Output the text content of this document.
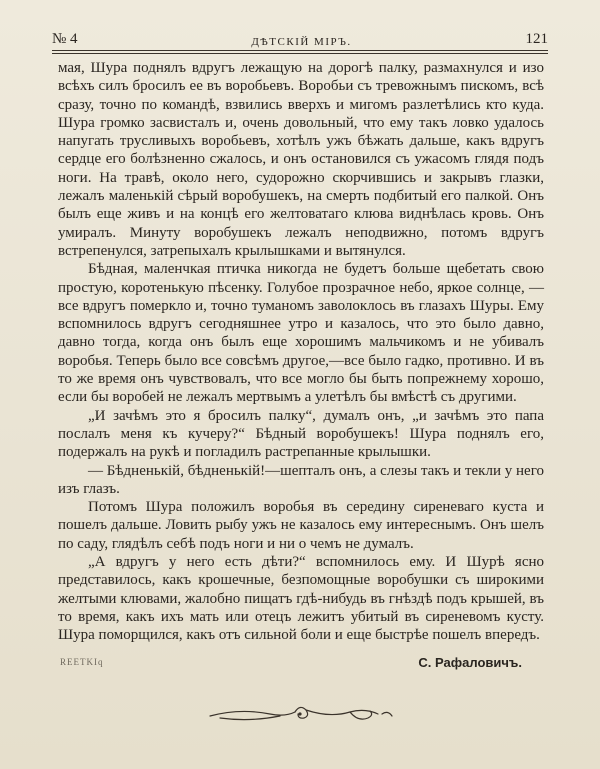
№ 4	ДѢТСКІЙ МІРЪ.	121

мая, Шура поднялъ вдругъ лежащую на дорогѣ палку, размахнулся и изо всѣхъ силъ бросилъ ее въ воробьевъ. Воробьи съ тревожнымъ пискомъ, всѣ сразу, точно по командѣ, взвились вверхъ и мигомъ разлетѣлись кто куда. Шура громко засвисталъ и, очень довольный, что ему такъ ловко удалось напугать трусливыхъ воробьевъ, хотѣлъ ужъ бѣжать дальше, какъ вдругъ сердце его болѣзненно сжалось, и онъ остановился съ ужасомъ глядя подъ ноги. На травѣ, около него, судорожно скорчившись и закрывъ глазки, лежалъ маленькій сѣрый воробушекъ, на смерть подбитый его палкой. Онъ былъ еще живъ и на концѣ его желтоватаго клюва виднѣлась кровь. Онъ умиралъ. Минуту воробушекъ лежалъ неподвижно, потомъ вдругъ встрепенулся, затрепыхалъ крылышками и вытянулся.

Бѣдная, маленчкая птичка никогда не будетъ больше щебетать свою простую, коротенькую пѣсенку. Голубое прозрачное небо, яркое солнце, — все вдругъ померкло и, точно туманомъ заволоклось въ глазахъ Шуры. Ему вспомнилось вдругъ сегодняшнее утро и казалось, что это было давно, давно тогда, когда онъ былъ еще хорошимъ мальчикомъ и не убивалъ воробья. Теперь было все совсѣмъ другое,—все было гадко, противно. И въ то же время онъ чувствовалъ, что все могло бы быть попрежнему хорошо, если бы воробей не лежалъ мертвымъ а улетѣлъ бы вмѣстѣ съ другими.

„И зачѣмъ это я бросилъ палку“, думалъ онъ, „и зачѣмъ это папа послалъ меня къ кучеру?“ Бѣдный воробушекъ! Шура поднялъ его, подержалъ на рукѣ и погладилъ растрепанные крылышки.

— Бѣдненькій, бѣдненькій!—шепталъ онъ, а слезы такъ и текли у него изъ глазъ.

Потомъ Шура положилъ воробья въ середину сиреневаго куста и пошелъ дальше. Ловить рыбу ужъ не казалось ему интереснымъ. Онъ шелъ по саду, глядѣлъ себѣ подъ ноги и ни о чемъ не думалъ.

„А вдругъ у него есть дѣти?“ вспомнилось ему. И Шурѣ ясно представилось, какъ крошечные, безпомощные воробушки съ широкими желтыми клювами, жалобно пищатъ гдѣ-нибудь въ гнѣздѣ подъ крышей, въ то время, какъ ихъ мать или отецъ лежитъ убитый въ сиреневомъ кусту. Шура поморщился, какъ отъ сильной боли и еще быстрѣе пошелъ впередъ.

REETKIq	С. Рафаловичъ.
